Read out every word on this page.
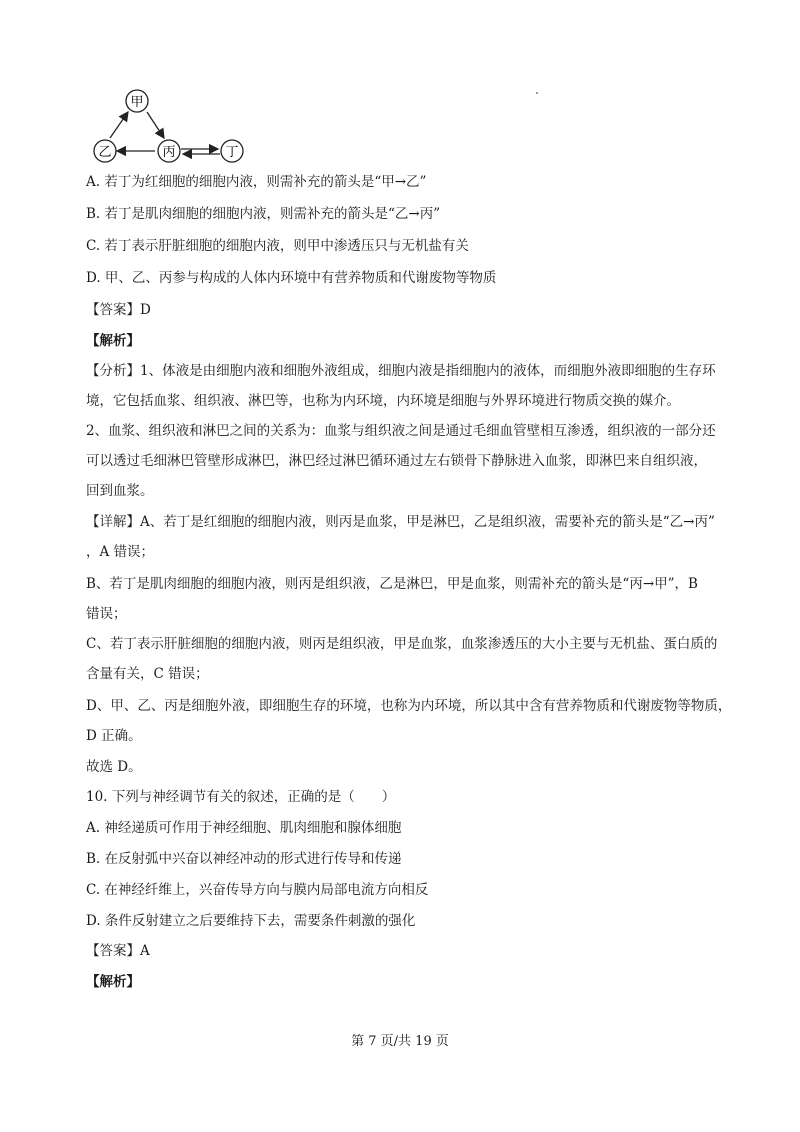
甲
乙	丙	丁
A. 若丁为红细胞的细胞内液，则需补充的箭头是“甲→乙”
B. 若丁是肌肉细胞的细胞内液，则需补充的箭头是“乙→丙”
C. 若丁表示肝脏细胞的细胞内液，则甲中渗透压只与无机盐有关
D. 甲、乙、丙参与构成的人体内环境中有营养物质和代谢废物等物质
【答案】D
【解析】
【分析】1、体液是由细胞内液和细胞外液组成，细胞内液是指细胞内的液体，而细胞外液即细胞的生存环
境，它包括血浆、组织液、淋巴等，也称为内环境，内环境是细胞与外界环境进行物质交换的媒介。
2、血浆、组织液和淋巴之间的关系为：血浆与组织液之间是通过毛细血管壁相互渗透，组织液的一部分还
可以透过毛细淋巴管壁形成淋巴，淋巴经过淋巴循环通过左右锁骨下静脉进入血浆，即淋巴来自组织液，
回到血浆。
【详解】A、若丁是红细胞的细胞内液，则丙是血浆，甲是淋巴，乙是组织液，需要补充的箭头是“乙→丙”
，A 错误；
B、若丁是肌肉细胞的细胞内液，则丙是组织液，乙是淋巴，甲是血浆，则需补充的箭头是“丙→甲”，B
错误；
C、若丁表示肝脏细胞的细胞内液，则丙是组织液，甲是血浆，血浆渗透压的大小主要与无机盐、蛋白质的
含量有关，C 错误；
D、甲、乙、丙是细胞外液，即细胞生存的环境，也称为内环境，所以其中含有营养物质和代谢废物等物质，
D 正确。
故选 D。
10. 下列与神经调节有关的叙述，正确的是（　　）
A. 神经递质可作用于神经细胞、肌肉细胞和腺体细胞
B. 在反射弧中兴奋以神经冲动的形式进行传导和传递
C. 在神经纤维上，兴奋传导方向与膜内局部电流方向相反
D. 条件反射建立之后要维持下去，需要条件刺激的强化
【答案】A
【解析】
第 7 页/共 19 页
